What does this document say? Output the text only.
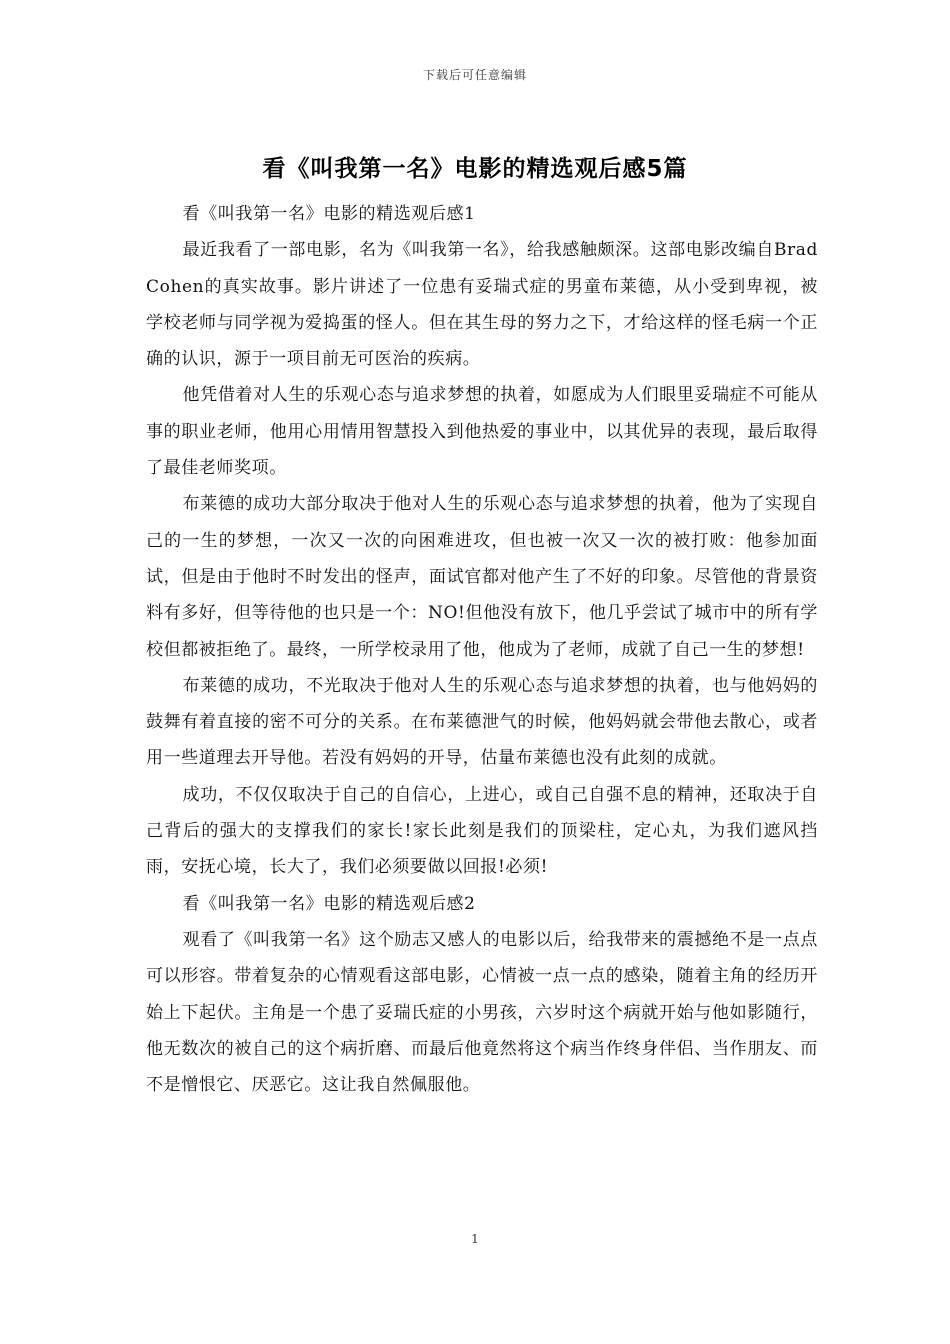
下载后可任意编辑
看《叫我第一名》电影的精选观后感5篇

看《叫我第一名》电影的精选观后感1

最近我看了一部电影，名为《叫我第一名》，给我感触颇深。这部电影改编自BradCohen的真实故事。影片讲述了一位患有妥瑞式症的男童布莱德，从小受到卑视，被学校老师与同学视为爱捣蛋的怪人。但在其生母的努力之下，才给这样的怪毛病一个正确的认识，源于一项目前无可医治的疾病。

他凭借着对人生的乐观心态与追求梦想的执着，如愿成为人们眼里妥瑞症不可能从事的职业老师，他用心用情用智慧投入到他热爱的事业中，以其优异的表现，最后取得了最佳老师奖项。

布莱德的成功大部分取决于他对人生的乐观心态与追求梦想的执着，他为了实现自己的一生的梦想，一次又一次的向困难进攻，但也被一次又一次的被打败：他参加面试，但是由于他时不时发出的怪声，面试官都对他产生了不好的印象。尽管他的背景资料有多好，但等待他的也只是一个：NO!但他没有放下，他几乎尝试了城市中的所有学校但都被拒绝了。最终，一所学校录用了他，他成为了老师，成就了自己一生的梦想!

布莱德的成功，不光取决于他对人生的乐观心态与追求梦想的执着，也与他妈妈的鼓舞有着直接的密不可分的关系。在布莱德泄气的时候，他妈妈就会带他去散心，或者用一些道理去开导他。若没有妈妈的开导，估量布莱德也没有此刻的成就。

成功，不仅仅取决于自己的自信心，上进心，或自己自强不息的精神，还取决于自己背后的强大的支撑我们的家长!家长此刻是我们的顶梁柱，定心丸，为我们遮风挡雨，安抚心境，长大了，我们必须要做以回报!必须!

看《叫我第一名》电影的精选观后感2

观看了《叫我第一名》这个励志又感人的电影以后，给我带来的震撼绝不是一点点可以形容。带着复杂的心情观看这部电影，心情被一点一点的感染，随着主角的经历开始上下起伏。主角是一个患了妥瑞氏症的小男孩，六岁时这个病就开始与他如影随行，他无数次的被自己的这个病折磨、而最后他竟然将这个病当作终身伴侣、当作朋友、而不是憎恨它、厌恶它。这让我自然佩服他。

1
